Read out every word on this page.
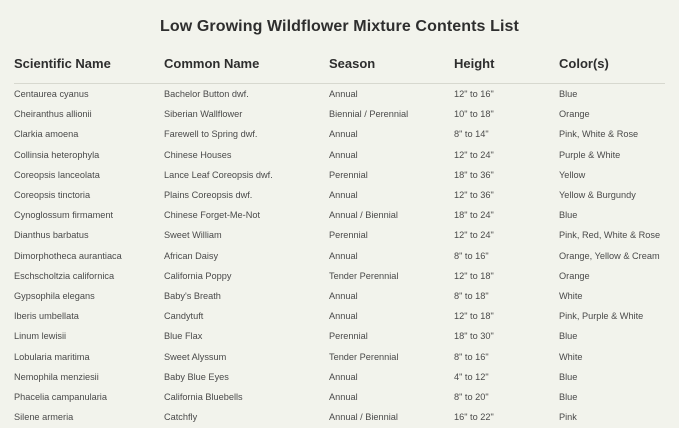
Low Growing Wildflower Mixture Contents List
Scientific Name	Common Name	Season	Height	Color(s)
Centaurea cyanus	Bachelor Button dwf.	Annual	12" to 16"	Blue
Cheiranthus allionii	Siberian Wallflower	Biennial / Perennial	10" to 18"	Orange
Clarkia amoena	Farewell to Spring dwf.	Annual	8" to 14"	Pink, White & Rose
Collinsia heterophyla	Chinese Houses	Annual	12" to 24"	Purple & White
Coreopsis lanceolata	Lance Leaf Coreopsis dwf.	Perennial	18" to 36"	Yellow
Coreopsis tinctoria	Plains Coreopsis dwf.	Annual	12" to 36"	Yellow & Burgundy
Cynoglossum firmament	Chinese Forget-Me-Not	Annual / Biennial	18" to 24"	Blue
Dianthus barbatus	Sweet William	Perennial	12" to 24"	Pink, Red, White & Rose
Dimorphotheca aurantiaca	African Daisy	Annual	8" to 16"	Orange, Yellow & Cream
Eschscholtzia californica	California Poppy	Tender Perennial	12" to 18"	Orange
Gypsophila elegans	Baby's Breath	Annual	8" to 18"	White
Iberis umbellata	Candytuft	Annual	12" to 18"	Pink, Purple & White
Linum lewisii	Blue Flax	Perennial	18" to 30"	Blue
Lobularia maritima	Sweet Alyssum	Tender Perennial	8" to 16"	White
Nemophila menziesii	Baby Blue Eyes	Annual	4" to 12"	Blue
Phacelia campanularia	California Bluebells	Annual	8" to 20"	Blue
Silene armeria	Catchfly	Annual / Biennial	16" to 22"	Pink
